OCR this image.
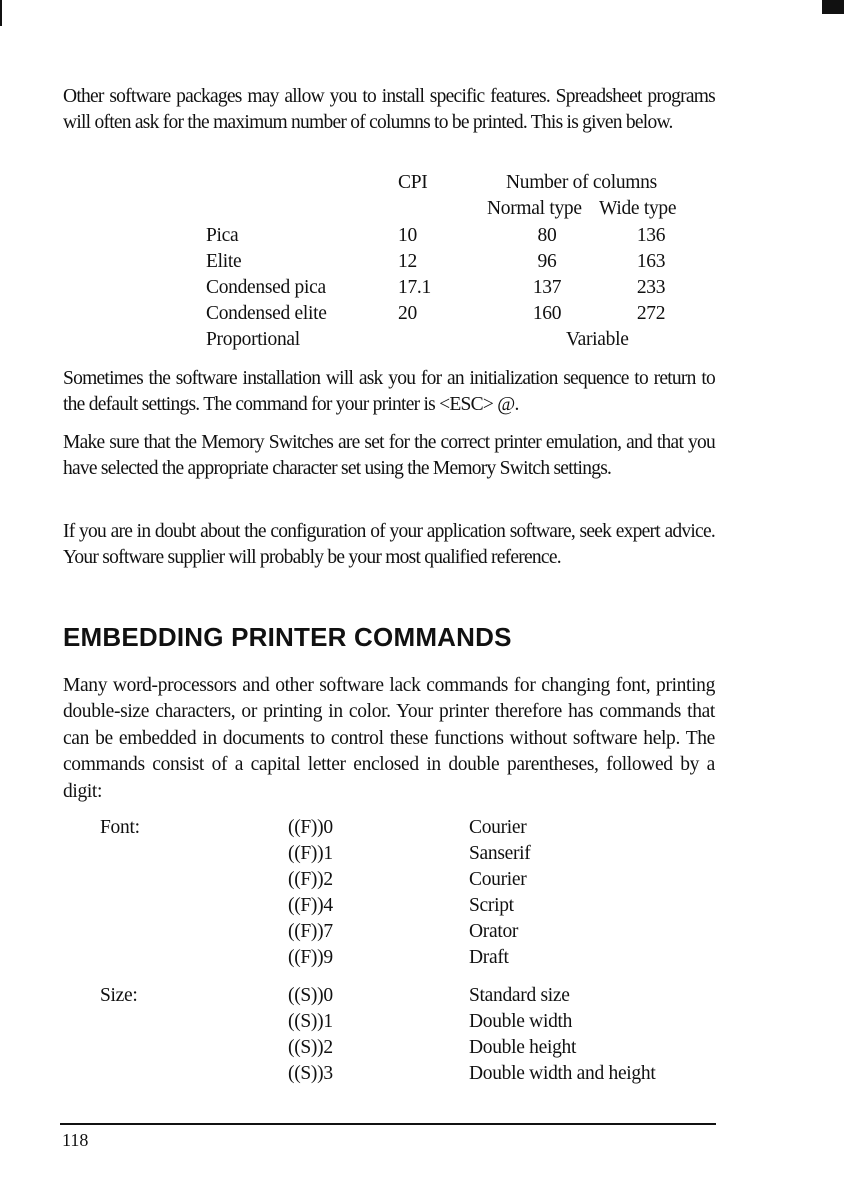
Other software packages may allow you to install specific features. Spreadsheet programs will often ask for the maximum number of columns to be printed. This is given below.

CPI	Number of columns
Normal type Wide type
Pica	10	80	136
Elite	12	96	163
Condensed pica	17.1	137	233
Condensed elite	20	160	272
Proportional	Variable

Sometimes the software installation will ask you for an initialization sequence to return to the default settings. The command for your printer is <ESC> @.

Make sure that the Memory Switches are set for the correct printer emulation, and that you have selected the appropriate character set using the Memory Switch settings.

If you are in doubt about the configuration of your application software, seek expert advice. Your software supplier will probably be your most qualified reference.

EMBEDDING PRINTER COMMANDS

Many word-processors and other software lack commands for changing font, printing double-size characters, or printing in color. Your printer therefore has commands that can be embedded in documents to control these functions without software help. The commands consist of a capital letter enclosed in double parentheses, followed by a digit:

Font:	((F))0	Courier
((F))1	Sanserif
((F))2	Courier
((F))4	Script
((F))7	Orator
((F))9	Draft
Size:	((S))0	Standard size
((S))1	Double width
((S))2	Double height
((S))3	Double width and height
118
